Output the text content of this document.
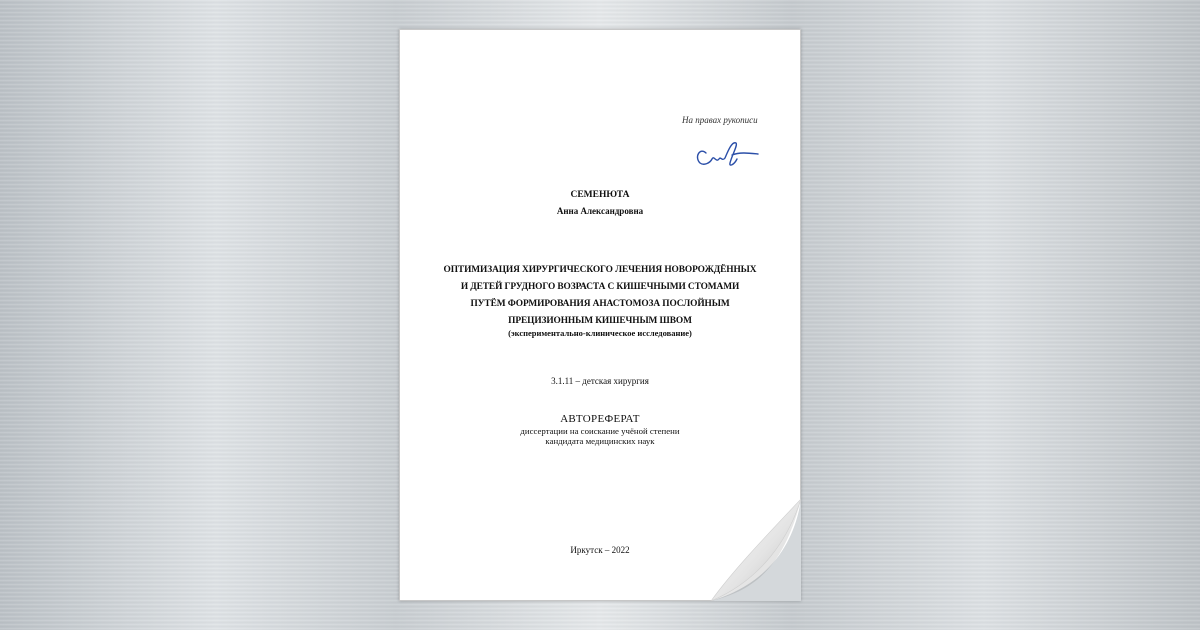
На правах рукописи
СЕМЕНЮТА
Анна Александровна
ОПТИМИЗАЦИЯ ХИРУРГИЧЕСКОГО ЛЕЧЕНИЯ НОВОРОЖДЁННЫХ
И ДЕТЕЙ ГРУДНОГО ВОЗРАСТА С КИШЕЧНЫМИ СТОМАМИ
ПУТЁМ ФОРМИРОВАНИЯ АНАСТОМОЗА ПОСЛОЙНЫМ
ПРЕЦИЗИОННЫМ КИШЕЧНЫМ ШВОМ
(экспериментально-клиническое исследование)
3.1.11 – детская хирургия
АВТОРЕФЕРАТ
диссертации на соискание учёной степени
кандидата медицинских наук
Иркутск – 2022
